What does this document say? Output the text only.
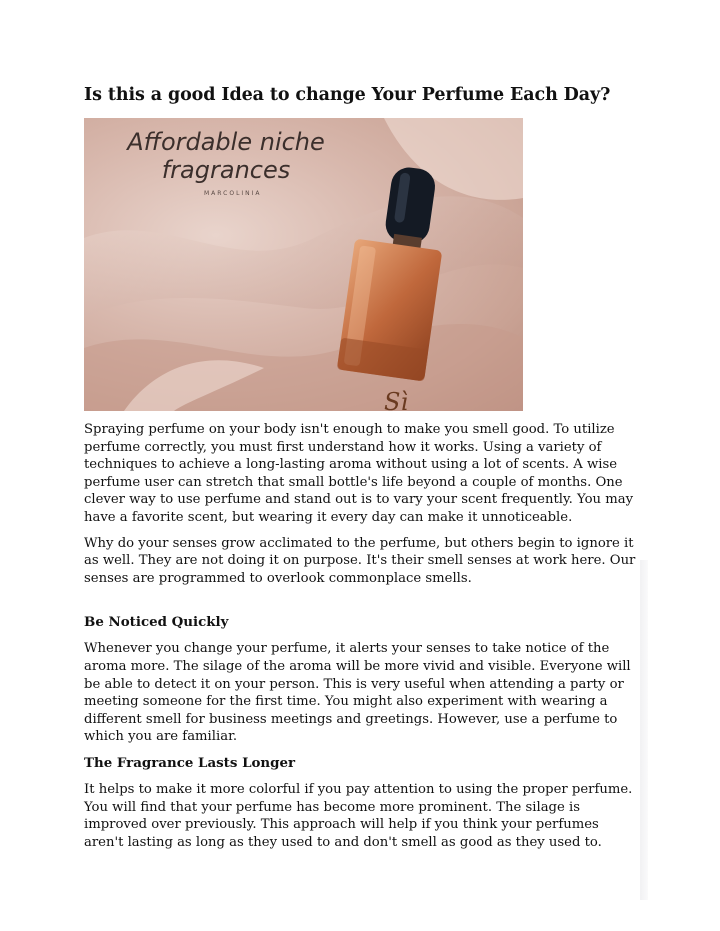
Is this a good Idea to change Your Perfume Each Day?
Affordable niche
fragrances
MARCOLINIA
Sì

Spraying perfume on your body isn't enough to make you smell good. To utilize perfume correctly, you must first understand how it works. Using a variety of techniques to achieve a long-lasting aroma without using a lot of scents. A wise perfume user can stretch that small bottle's life beyond a couple of months. One clever way to use perfume and stand out is to vary your scent frequently. You may have a favorite scent, but wearing it every day can make it unnoticeable.

Why do your senses grow acclimated to the perfume, but others begin to ignore it as well. They are not doing it on purpose. It's their smell senses at work here. Our senses are programmed to overlook commonplace smells.

Be Noticed Quickly

Whenever you change your perfume, it alerts your senses to take notice of the aroma more. The silage of the aroma will be more vivid and visible. Everyone will be able to detect it on your person. This is very useful when attending a party or meeting someone for the first time. You might also experiment with wearing a different smell for business meetings and greetings. However, use a perfume to which you are familiar.

The Fragrance Lasts Longer

It helps to make it more colorful if you pay attention to using the proper perfume. You will find that your perfume has become more prominent. The silage is improved over previously. This approach will help if you think your perfumes aren't lasting as long as they used to and don't smell as good as they used to.
